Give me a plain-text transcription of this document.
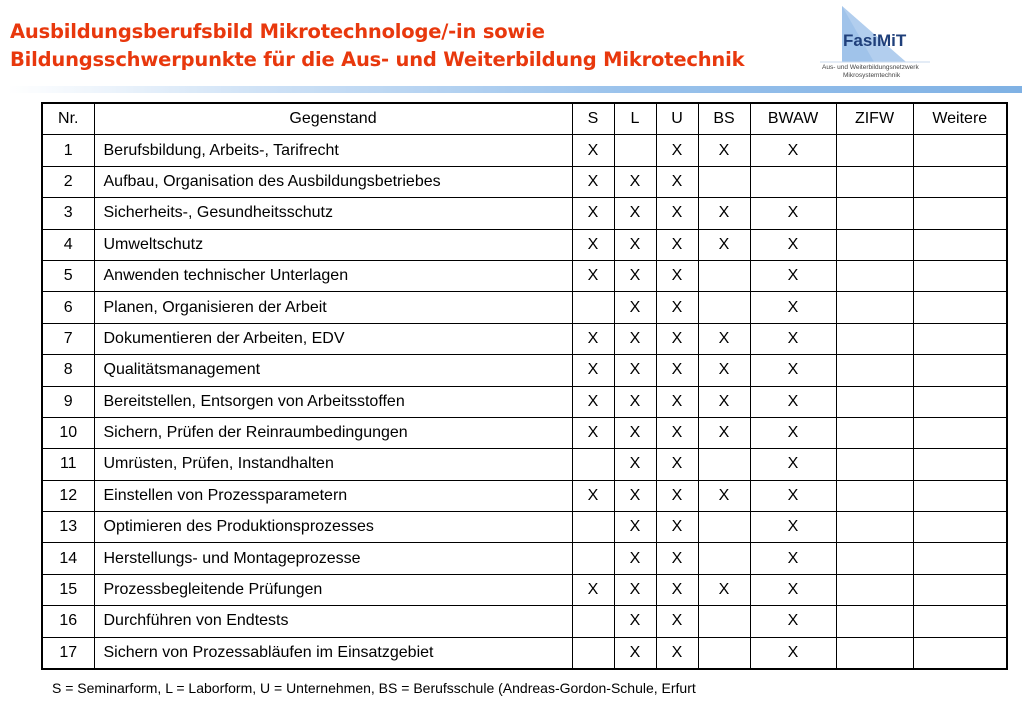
Ausbildungsberufsbild Mikrotechnologe/-in sowie
Bildungsschwerpunkte für die Aus- und Weiterbildung Mikrotechnik
FasiMiT
Aus- und Weiterbildungsnetzwerk
Mikrosystemtechnik
Nr.	Gegenstand	S	L	U	BS	BWAW	ZIFW	Weitere
1	Berufsbildung, Arbeits-, Tarifrecht	X		X	X	X		
2	Aufbau, Organisation des Ausbildungsbetriebes	X	X	X				
3	Sicherheits-, Gesundheitsschutz	X	X	X	X	X		
4	Umweltschutz	X	X	X	X	X		
5	Anwenden technischer Unterlagen	X	X	X		X		
6	Planen, Organisieren der Arbeit		X	X		X		
7	Dokumentieren der Arbeiten, EDV	X	X	X	X	X		
8	Qualitätsmanagement	X	X	X	X	X		
9	Bereitstellen, Entsorgen von Arbeitsstoffen	X	X	X	X	X		
10	Sichern, Prüfen der Reinraumbedingungen	X	X	X	X	X		
11	Umrüsten, Prüfen, Instandhalten		X	X		X		
12	Einstellen von Prozessparametern	X	X	X	X	X		
13	Optimieren des Produktionsprozesses		X	X		X		
14	Herstellungs- und Montageprozesse		X	X		X		
15	Prozessbegleitende Prüfungen	X	X	X	X	X		
16	Durchführen von Endtests		X	X		X		
17	Sichern von Prozessabläufen im Einsatzgebiet		X	X		X		
S = Seminarform, L = Laborform, U = Unternehmen, BS = Berufsschule (Andreas-Gordon-Schule, Erfurt
